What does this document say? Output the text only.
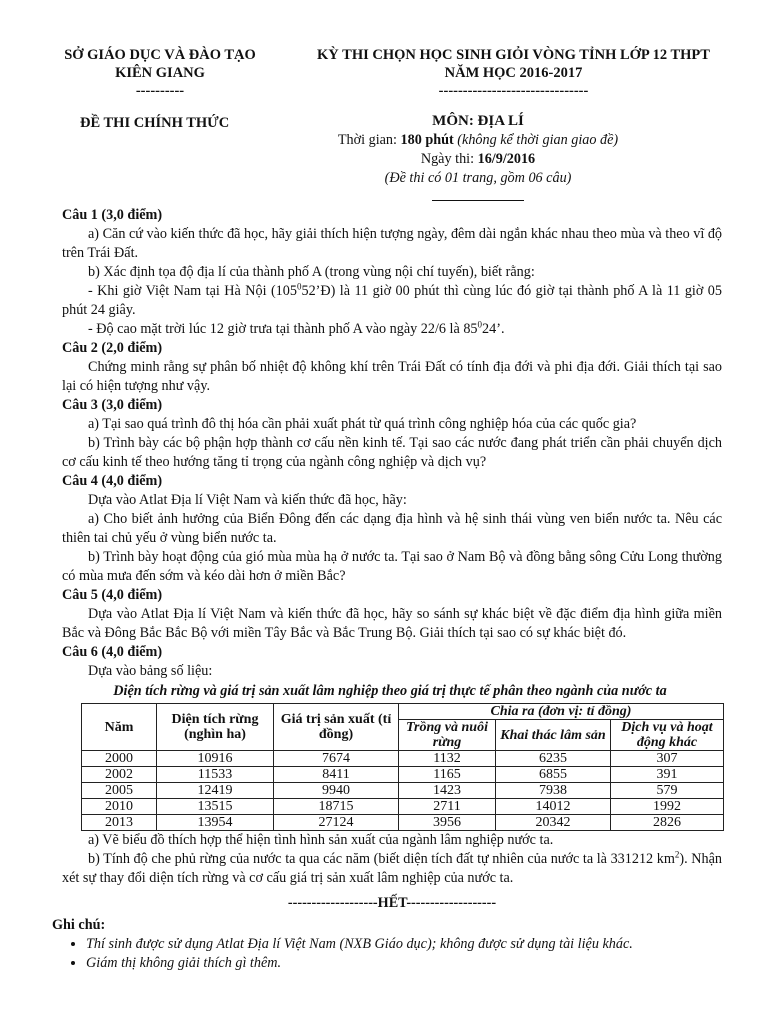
SỞ GIÁO DỤC VÀ ĐÀO TẠO
KIÊN GIANG
----------
KỲ THI CHỌN HỌC SINH GIỎI VÒNG TỈNH LỚP 12 THPT
NĂM HỌC 2016-2017
-------------------------------
ĐỀ THI CHÍNH THỨC	MÔN: ĐỊA LÍ
Thời gian: 180 phút (không kể thời gian giao đề)
Ngày thi: 16/9/2016
(Đề thi có 01 trang, gồm 06 câu)
Câu 1 (3,0 điểm)

a) Căn cứ vào kiến thức đã học, hãy giải thích hiện tượng ngày, đêm dài ngắn khác nhau theo mùa và theo vĩ độ trên Trái Đất.

b) Xác định tọa độ địa lí của thành phố A (trong vùng nội chí tuyến), biết rằng:

- Khi giờ Việt Nam tại Hà Nội $(105^052’Đ)$ là 11 giờ 00 phút thì cùng lúc đó giờ tại thành phố A là 11 giờ 05 phút 24 giây.

- Độ cao mặt trời lúc 12 giờ trưa tại thành phố A vào ngày 22/6 là $85^024$’.

Câu 2 (2,0 điểm)

Chứng minh rằng sự phân bố nhiệt độ không khí trên Trái Đất có tính địa đới và phi địa đới. Giải thích tại sao lại có hiện tượng như vậy.

Câu 3 (3,0 điểm)

a) Tại sao quá trình đô thị hóa cần phải xuất phát từ quá trình công nghiệp hóa của các quốc gia?

b) Trình bày các bộ phận hợp thành cơ cấu nền kinh tế. Tại sao các nước đang phát triển cần phải chuyển dịch cơ cấu kinh tế theo hướng tăng tỉ trọng của ngành công nghiệp và dịch vụ?

Câu 4 (4,0 điểm)

Dựa vào Atlat Địa lí Việt Nam và kiến thức đã học, hãy:

a) Cho biết ảnh hưởng của Biển Đông đến các dạng địa hình và hệ sinh thái vùng ven biển nước ta. Nêu các thiên tai chủ yếu ở vùng biển nước ta.

b) Trình bày hoạt động của gió mùa mùa hạ ở nước ta. Tại sao ở Nam Bộ và đồng bằng sông Cửu Long thường có mùa mưa đến sớm và kéo dài hơn ở miền Bắc?

Câu 5 (4,0 điểm)

Dựa vào Atlat Địa lí Việt Nam và kiến thức đã học, hãy so sánh sự khác biệt về đặc điểm địa hình giữa miền Bắc và Đông Bắc Bắc Bộ với miền Tây Bắc và Bắc Trung Bộ. Giải thích tại sao có sự khác biệt đó.

Câu 6 (4,0 điểm)

Dựa vào bảng số liệu:

Diện tích rừng và giá trị sản xuất lâm nghiệp theo giá trị thực tế phân theo ngành của nước ta
Năm	Diện tích rừng (nghìn ha)	Giá trị sản xuất (tỉ đồng)	Chia ra (đơn vị: tỉ đồng)		
			Trồng và nuôi rừng	Khai thác lâm sản	Dịch vụ và hoạt động khác
2000	10916	7674	1132	6235	307
2002	11533	8411	1165	6855	391
2005	12419	9940	1423	7938	579
2010	13515	18715	2711	14012	1992
2013	13954	27124	3956	20342	2826

a) Vẽ biểu đồ thích hợp thể hiện tình hình sản xuất của ngành lâm nghiệp nước ta.

b) Tính độ che phủ rừng của nước ta qua các năm (biết diện tích đất tự nhiên của nước ta là 331212 $km^2$). Nhận xét sự thay đổi diện tích rừng và cơ cấu giá trị sản xuất lâm nghiệp của nước ta.

-------------------HẾT-------------------
Ghi chú:
• Thí sinh được sử dụng Atlat Địa lí Việt Nam (NXB Giáo dục); không được sử dụng tài liệu khác.
• Giám thị không giải thích gì thêm.
